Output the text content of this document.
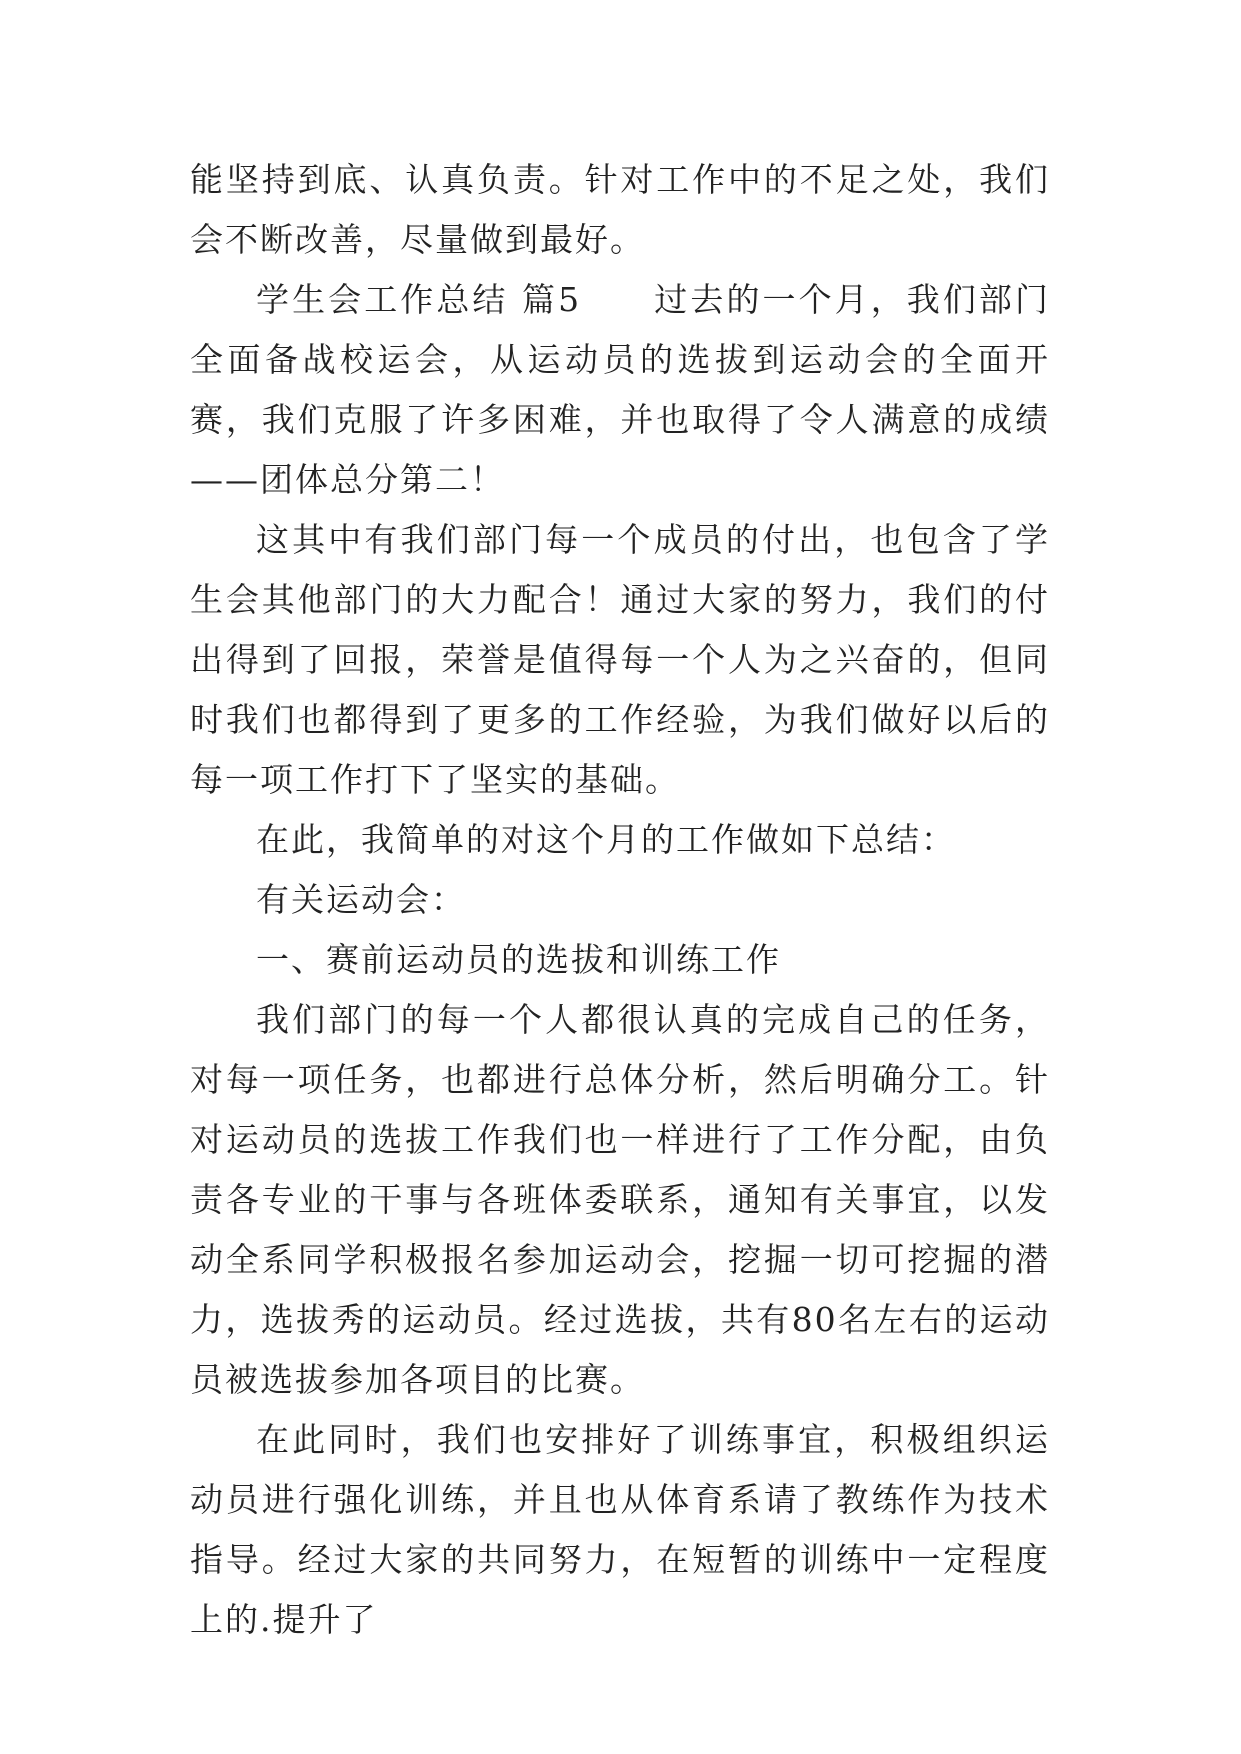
能坚持到底、认真负责。针对工作中的不足之处，我们会不断改善，尽量做到最好。

学生会工作总结 篇5　　过去的一个月，我们部门全面备战校运会，从运动员的选拔到运动会的全面开赛，我们克服了许多困难，并也取得了令人满意的成绩——团体总分第二！

这其中有我们部门每一个成员的付出，也包含了学生会其他部门的大力配合！通过大家的努力，我们的付出得到了回报，荣誉是值得每一个人为之兴奋的，但同时我们也都得到了更多的工作经验，为我们做好以后的每一项工作打下了坚实的基础。

在此，我简单的对这个月的工作做如下总结：

有关运动会：

一、赛前运动员的选拔和训练工作

我们部门的每一个人都很认真的完成自己的任务，对每一项任务，也都进行总体分析，然后明确分工。针对运动员的选拔工作我们也一样进行了工作分配，由负责各专业的干事与各班体委联系，通知有关事宜，以发动全系同学积极报名参加运动会，挖掘一切可挖掘的潜力，选拔秀的运动员。经过选拔，共有80名左右的运动员被选拔参加各项目的比赛。

在此同时，我们也安排好了训练事宜，积极组织运动员进行强化训练，并且也从体育系请了教练作为技术指导。经过大家的共同努力，在短暂的训练中一定程度上的.提升了
